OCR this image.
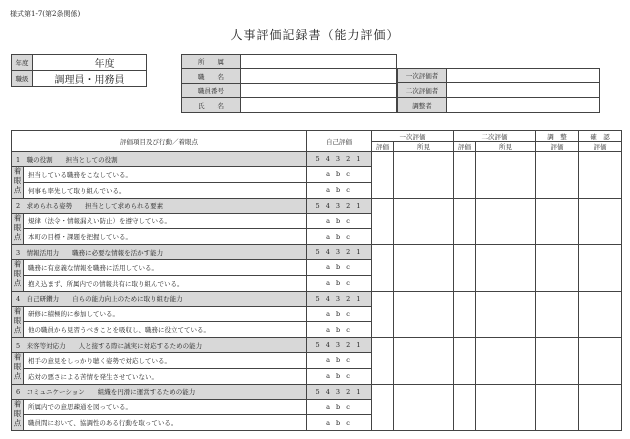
様式第1-7(第2条関係)
人事評価記録書（能力評価）
年度	年度
職級	調理員・用務員
所　　属	
職　　名	
職員番号	
氏　　名	
一次評価者	
二次評価者	
調整者	
評価項目及び行動／着眼点		自己評価	一次評価		二次評価		調　整	確　認
			評価	所見	評価	所見	評価	評価
1　職の役割　　担当としての役割		5 4 3 2 1						
着眼点	担当している職務をこなしている。	a b c						
	何事も率先して取り組んでいる。	a b c						
2　求められる姿勢　　担当として求められる要素		5 4 3 2 1						
着眼点	規律（法令・情報漏えい防止）を遵守している。	a b c						
	本町の目標・課題を把握している。	a b c						
3　情報活用力　　職務に必要な情報を活かす能力		5 4 3 2 1						
着眼点	職務に有意義な情報を職務に活用している。	a b c						
	抱え込まず、所属内での情報共有に取り組んでいる。	a b c						
4　自己研鑽力　　自らの能力向上のために取り組む能力		5 4 3 2 1						
着眼点	研修に積極的に参加している。	a b c						
	他の職員から見習うべきことを吸収し、職務に役立てている。	a b c						
5　来客等対応力　　人と接する際に誠実に対応するための能力		5 4 3 2 1						
着眼点	相手の意見をしっかり聴く姿勢で対応している。	a b c						
	応対の悪さによる苦情を発生させていない。	a b c						
6　コミュニケーション　　組織を円滑に運営するための能力		5 4 3 2 1						
着眼点	所属内での意思疎通を図っている。	a b c						
	職員間において、協調性のある行動を取っている。	a b c						
